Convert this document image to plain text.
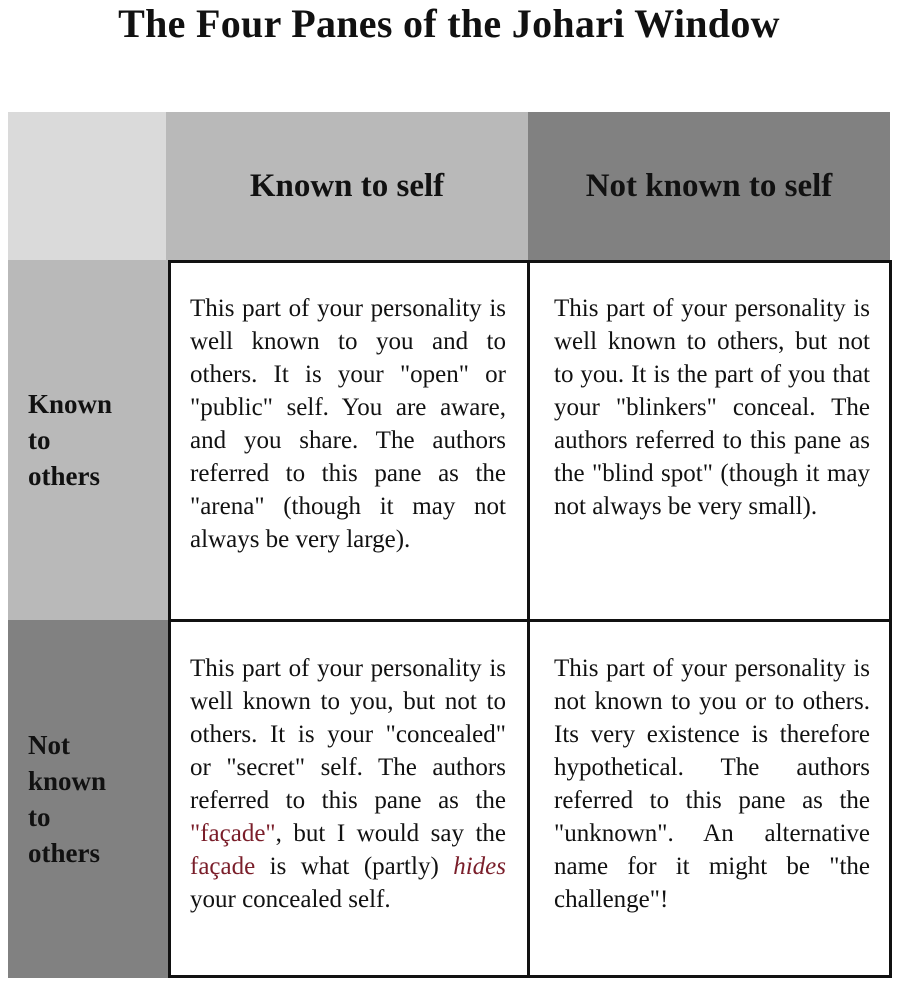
The Four Panes of the Johari Window
Known to self	Not known to self
Known
to
others
Not
known
to
others
This part of your personality is well known to you and to others. It is your "open" or "public" self. You are aware, and you share. The authors referred to this pane as the "arena" (though it may not always be very large).
This part of your personality is well known to others, but not to you. It is the part of you that your "blinkers" conceal. The authors referred to this pane as the "blind spot" (though it may not always be very small).
This part of your personality is well known to you, but not to others. It is your "concealed" or "secret" self. The authors referred to this pane as the "façade", but I would say the façade is what (partly) hides your concealed self.
This part of your personality is not known to you or to others. Its very existence is therefore hypothetical. The authors referred to this pane as the "unknown". An alternative name for it might be "the challenge"!
